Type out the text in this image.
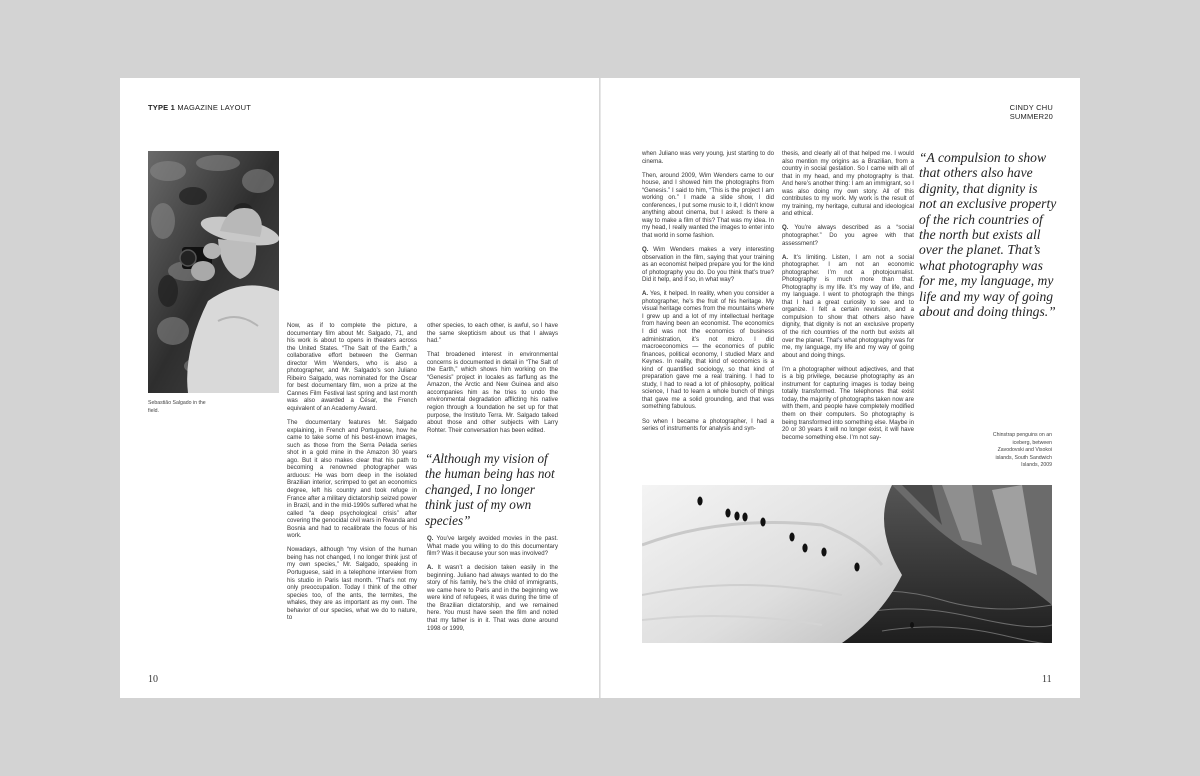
TYPE 1 MAGAZINE LAYOUT	CINDY CHU SUMMER20
Sebastião Salgado in the field.

Now, as if to complete the picture, a documentary film about Mr. Salgado, 71, and his work is about to opens in theaters across the United States. “The Salt of the Earth,” a collaborative effort between the German director Wim Wenders, who is also a photographer, and Mr. Salgado’s son Juliano Ribeiro Salgado, was nominated for the Oscar for best documentary film, won a prize at the Cannes Film Festival last spring and last month was also awarded a César, the French equivalent of an Academy Award.

The documentary features Mr. Salgado explaining, in French and Portuguese, how he came to take some of his best-known images, such as those from the Serra Pelada series shot in a gold mine in the Amazon 30 years ago. But it also makes clear that his path to becoming a renowned photographer was arduous: He was born deep in the isolated Brazilian interior, scrimped to get an economics degree, left his country and took refuge in France after a military dictatorship seized power in Brazil, and in the mid-1990s suffered what he called “a deep psychological crisis” after covering the genocidal civil wars in Rwanda and Bosnia and had to recalibrate the focus of his work.

Nowadays, although “my vision of the human being has not changed, I no longer think just of my own species,” Mr. Salgado, speaking in Portuguese, said in a telephone interview from his studio in Paris last month. “That’s not my only preoccupation. Today I think of the other species too, of the ants, the termites, the whales, they are as important as my own. The behavior of our species, what we do to nature, to

other species, to each other, is awful, so I have the same skepticism about us that I always had.”

That broadened interest in environmental concerns is documented in detail in “The Salt of the Earth,” which shows him working on the “Genesis” project in locales as farflung as the Amazon, the Arctic and New Guinea and also accompanies him as he tries to undo the environmental degradation afflicting his native region through a foundation he set up for that purpose, the Instituto Terra. Mr. Salgado talked about those and other subjects with Larry Rohter. Their conversation has been edited.

“Although my vision of the human being has not changed, I no longer think just of my own species”

Q. You’ve largely avoided movies in the past. What made you willing to do this documentary film? Was it because your son was involved?

A. It wasn’t a decision taken easily in the beginning. Juliano had always wanted to do the story of his family, he’s the child of immigrants, we came here to Paris and in the beginning we were kind of refugees, it was during the time of the Brazilian dictatorship, and we remained here. You must have seen the film and noted that my father is in it. That was done around 1998 or 1999,

when Juliano was very young, just starting to do cinema.

Then, around 2009, Wim Wenders came to our house, and I showed him the photographs from “Genesis.” I said to him, “This is the project I am working on.” I made a slide show, I did conferences, I put some music to it, I didn’t know anything about cinema, but I asked: Is there a way to make a film of this? That was my idea. In my head, I really wanted the images to enter into that world in some fashion.

Q. Wim Wenders makes a very interesting observation in the film, saying that your training as an economist helped prepare you for the kind of photography you do. Do you think that’s true? Did it help, and if so, in what way?

A. Yes, it helped. In reality, when you consider a photographer, he’s the fruit of his heritage. My visual heritage comes from the mountains where I grew up and a lot of my intellectual heritage from having been an economist. The economics I did was not the economics of business administration, it’s not micro. I did macroeconomics — the economics of public finances, political economy, I studied Marx and Keynes. In reality, that kind of economics is a kind of quantified sociology, so that kind of preparation gave me a real training. I had to study, I had to read a lot of philosophy, political science, I had to learn a whole bunch of things that gave me a solid grounding, and that was something fabulous.

So when I became a photographer, I had a series of instruments for analysis and syn-

thesis, and clearly all of that helped me. I would also mention my origins as a Brazilian, from a country in social gestation. So I came with all of that in my head, and my photography is that. And here’s another thing: I am an immigrant, so I was also doing my own story. All of this contributes to my work. My work is the result of my training, my heritage, cultural and ideological and ethical.

Q. You’re always described as a “social photographer.” Do you agree with that assessment?

A. It’s limiting. Listen, I am not a social photographer. I am not an economic photographer. I’m not a photojournalist. Photography is much more than that. Photography is my life. It’s my way of life, and my language. I went to photograph the things that I had a great curiosity to see and to organize. I felt a certain revulsion, and a compulsion to show that others also have dignity, that dignity is not an exclusive property of the rich countries of the north but exists all over the planet. That’s what photography was for me, my language, my life and my way of going about and doing things.

I’m a photographer without adjectives, and that is a big privilege, because photography as an instrument for capturing images is today being totally transformed. The telephones that exist today, the majority of photographs taken now are with them, and people have completely modified them on their computers. So photography is being transformed into something else. Maybe in 20 or 30 years it will no longer exist, it will have become something else. I’m not say-

“A compulsion to show that others also have dignity, that dignity is not an exclusive property of the rich countries of the north but exists all over the planet. That’s what photography was for me, my language, my life and my way of going about and doing things.”
Chinstrap penguins on an iceberg, between Zavodovski and Visokoi islands, South Sandwich Islands, 2009
10	11
